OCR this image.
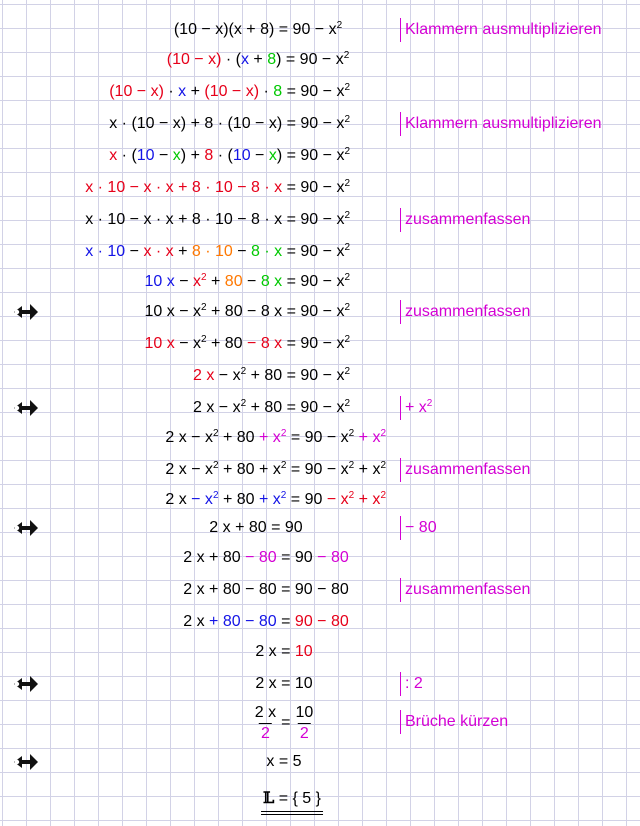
$(10 - x)(x + 8) = 90 - x^2$	Klammern ausmultiplizieren
$(10 - x) \cdot (x + 8) = 90 - x^2$
$(10 - x) \cdot x + (10 - x) \cdot 8 = 90 - x^2$
$x \cdot (10 - x) + 8 \cdot (10 - x) = 90 - x^2$	Klammern ausmultiplizieren
$x \cdot (10 - x) + 8 \cdot (10 - x) = 90 - x^2$
$x \cdot 10 - x \cdot x + 8 \cdot 10 - 8 \cdot x = 90 - x^2$
$x \cdot 10 - x \cdot x + 8 \cdot 10 - 8 \cdot x = 90 - x^2$	zusammenfassen
$x \cdot 10 - x \cdot x + 8 \cdot 10 - 8 \cdot x = 90 - x^2$
10 $x - x^2 + 80 - 8$ $x = 90 - x^2$
10 $x - x^2 + 80 - 8$ $x = 90 - x^2$	zusammenfassen
10 $x - x^2 + 80 - 8$ $x = 90 - x^2$
2 $x - x^2 + 80 = 90 - x^2$
2 $x - x^2 + 80 = 90 - x^2$	+ $x^2$
2 $x - x^2 + 80 + x^2 = 90 - x^2 + x^2$
2 $x - x^2 + 80 + x^2 = 90 - x^2 + x^2$	zusammenfassen
2 $x - x^2 + 80 + x^2 = 90 - x^2 + x^2$
2 x + 80 = 90	− 80
2 x + 80 − 80 = 90 − 80
2 x + 80 − 80 = 90 − 80	zusammenfassen
2 x + 80 − 80 = 90 − 80
2 x = 10
2 x = 10	: 2
$\frac{2 x}{2} = \frac{10}{2}$	Brüche kürzen
x = 5
𝕃 = { 5 }
